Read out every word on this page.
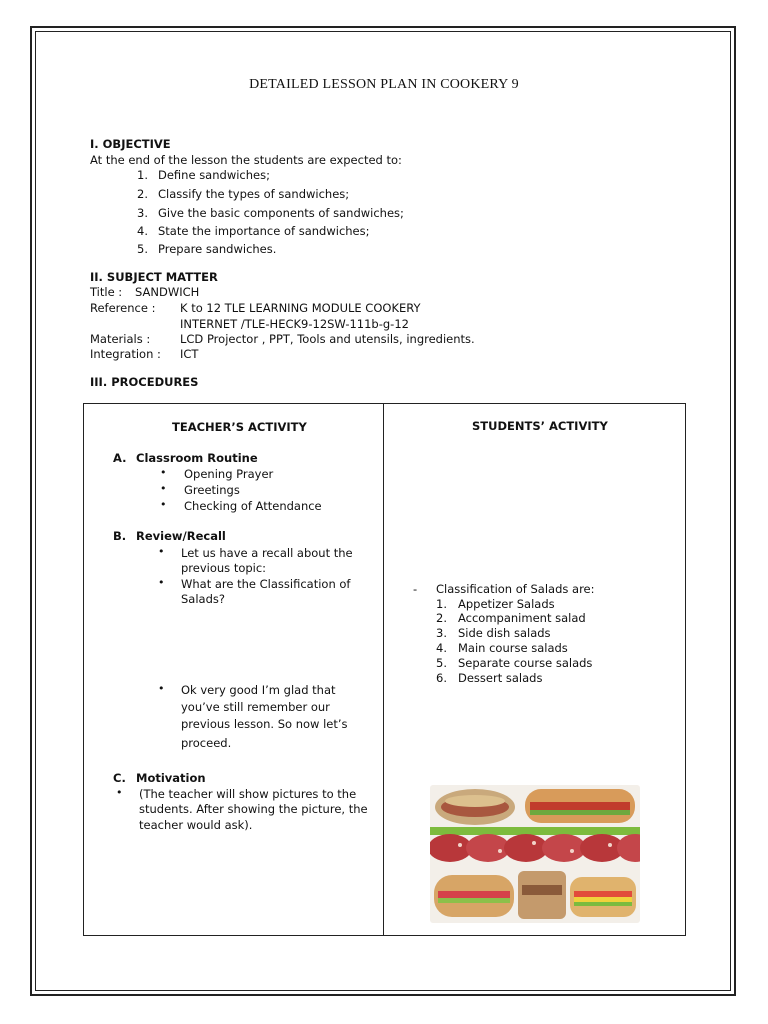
DETAILED LESSON PLAN IN COOKERY 9
I. OBJECTIVE
At the end of the lesson the students are expected to:
1. Define sandwiches;
2. Classify the types of sandwiches;
3. Give the basic components of sandwiches;
4. State the importance of sandwiches;
5. Prepare sandwiches.
II. SUBJECT MATTER
Title : SANDWICH
Reference : K to 12 TLE LEARNING MODULE COOKERY
INTERNET /TLE-HECK9-12SW-111b-g-12
Materials :	LCD Projector , PPT, Tools and utensils, ingredients.
Integration : ICT
III. PROCEDURES
TEACHER’S ACTIVITY	STUDENTS’ ACTIVITY
A. Classroom Routine
• Opening Prayer
• Greetings
• Checking of Attendance
B. Review/Recall
• Let us have a recall about the
previous topic:
• What are the Classification of
Salads?
• Ok very good I’m glad that
you’ve still remember our
previous lesson. So now let’s
proceed.
C. Motivation
• (The teacher will show pictures to the
students. After showing the picture, the
teacher would ask).
- Classification of Salads are:
1. Appetizer Salads
2. Accompaniment salad
3. Side dish salads
4. Main course salads
5. Separate course salads
6. Dessert salads
